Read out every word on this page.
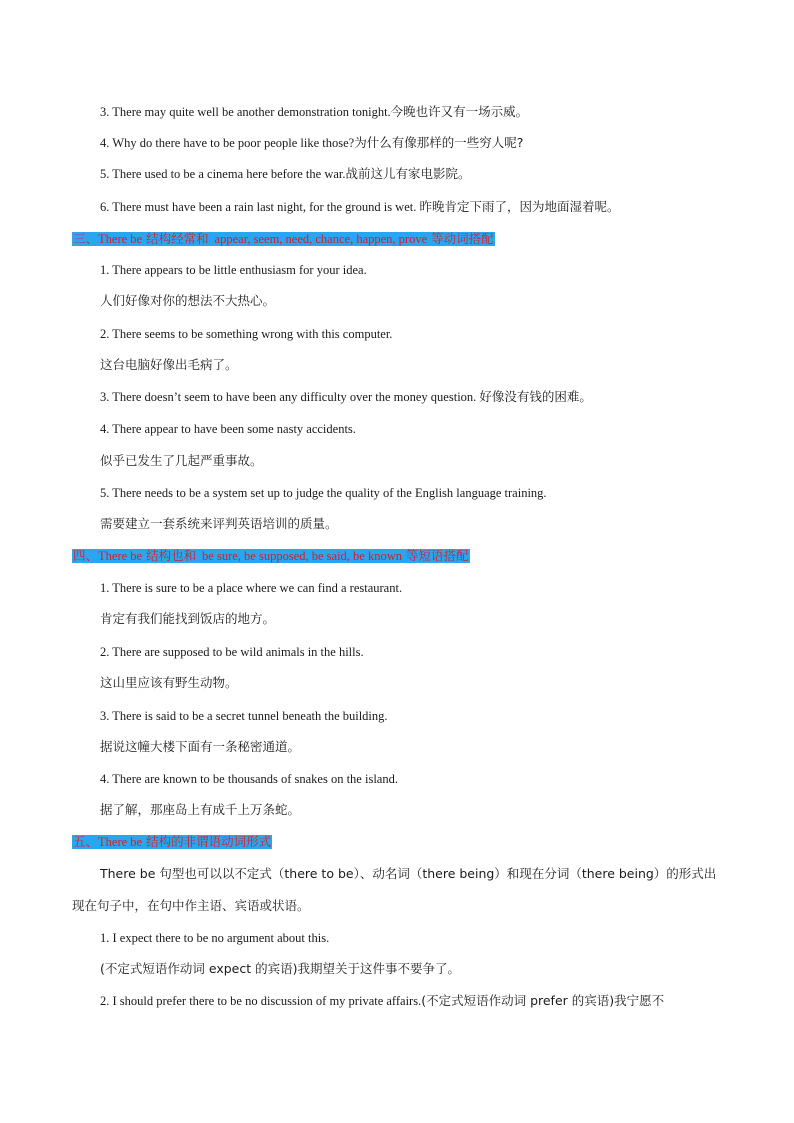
3. There may quite well be another demonstration tonight.今晚也许又有一场示威。
4. Why do there have to be poor people like those?为什么有像那样的一些穷人呢?
5. There used to be a cinema here before the war.战前这儿有家电影院。
6. There must have been a rain last night, for the ground is wet. 昨晚肯定下雨了，因为地面湿着呢。
三、There be 结构经常和 appear, seem, need, chance, happen, prove 等动词搭配
1. There appears to be little enthusiasm for your idea.
人们好像对你的想法不大热心。
2. There seems to be something wrong with this computer.
这台电脑好像出毛病了。
3. There doesn’t seem to have been any difficulty over the money question. 好像没有钱的困难。
4. There appear to have been some nasty accidents.
似乎已发生了几起严重事故。
5. There needs to be a system set up to judge the quality of the English language training.
需要建立一套系统来评判英语培训的质量。
四、There be 结构也和 be sure, be supposed, be said, be known 等短语搭配
1. There is sure to be a place where we can find a restaurant.
肯定有我们能找到饭店的地方。
2. There are supposed to be wild animals in the hills.
这山里应该有野生动物。
3. There is said to be a secret tunnel beneath the building.
据说这幢大楼下面有一条秘密通道。
4. There are known to be thousands of snakes on the island.
据了解，那座岛上有成千上万条蛇。
五、There be 结构的非谓语动词形式
There be 句型也可以以不定式（there to be）、动名词（there being）和现在分词（there being）的形式出
现在句子中，在句中作主语、宾语或状语。
1. I expect there to be no argument about this.
(不定式短语作动词 expect 的宾语)我期望关于这件事不要争了。
2. I should prefer there to be no discussion of my private affairs.(不定式短语作动词 prefer 的宾语)我宁愿不
